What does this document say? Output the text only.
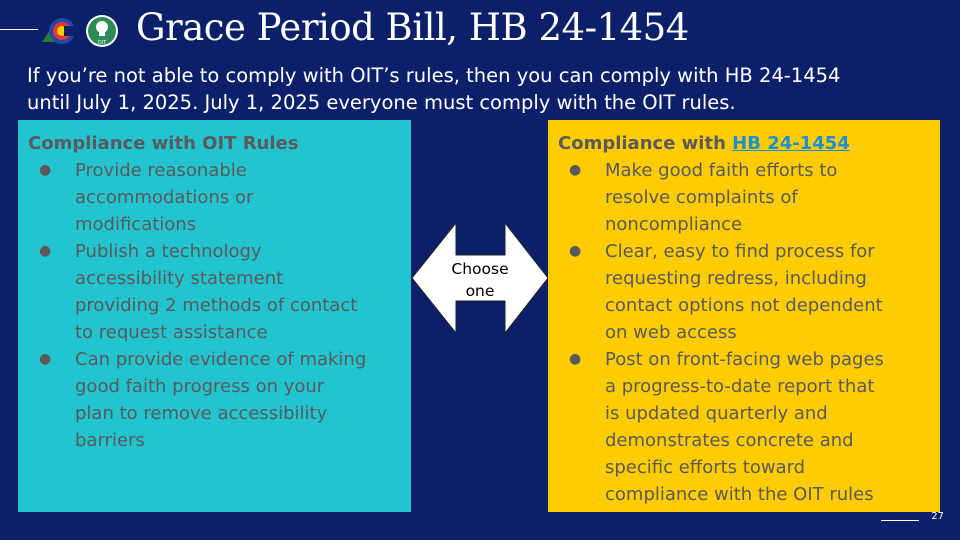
OIT Grace Period Bill, HB 24-1454

If you’re not able to comply with OIT’s rules, then you can comply with HB 24-1454

until July 1, 2025. July 1, 2025 everyone must comply with the OIT rules.

Compliance with OIT Rules
● Provide reasonable
accommodations or
modifications
● Publish a technology
accessibility statement
providing 2 methods of contact
to request assistance
● Can provide evidence of making
good faith progress on your
plan to remove accessibility
barriers
Choose
one
Compliance with HB 24-1454
● Make good faith efforts to
resolve complaints of
noncompliance
● Clear, easy to find process for
requesting redress, including
contact options not dependent
on web access
● Post on front-facing web pages
a progress-to-date report that
is updated quarterly and
demonstrates concrete and
specific efforts toward
compliance with the OIT rules
27
